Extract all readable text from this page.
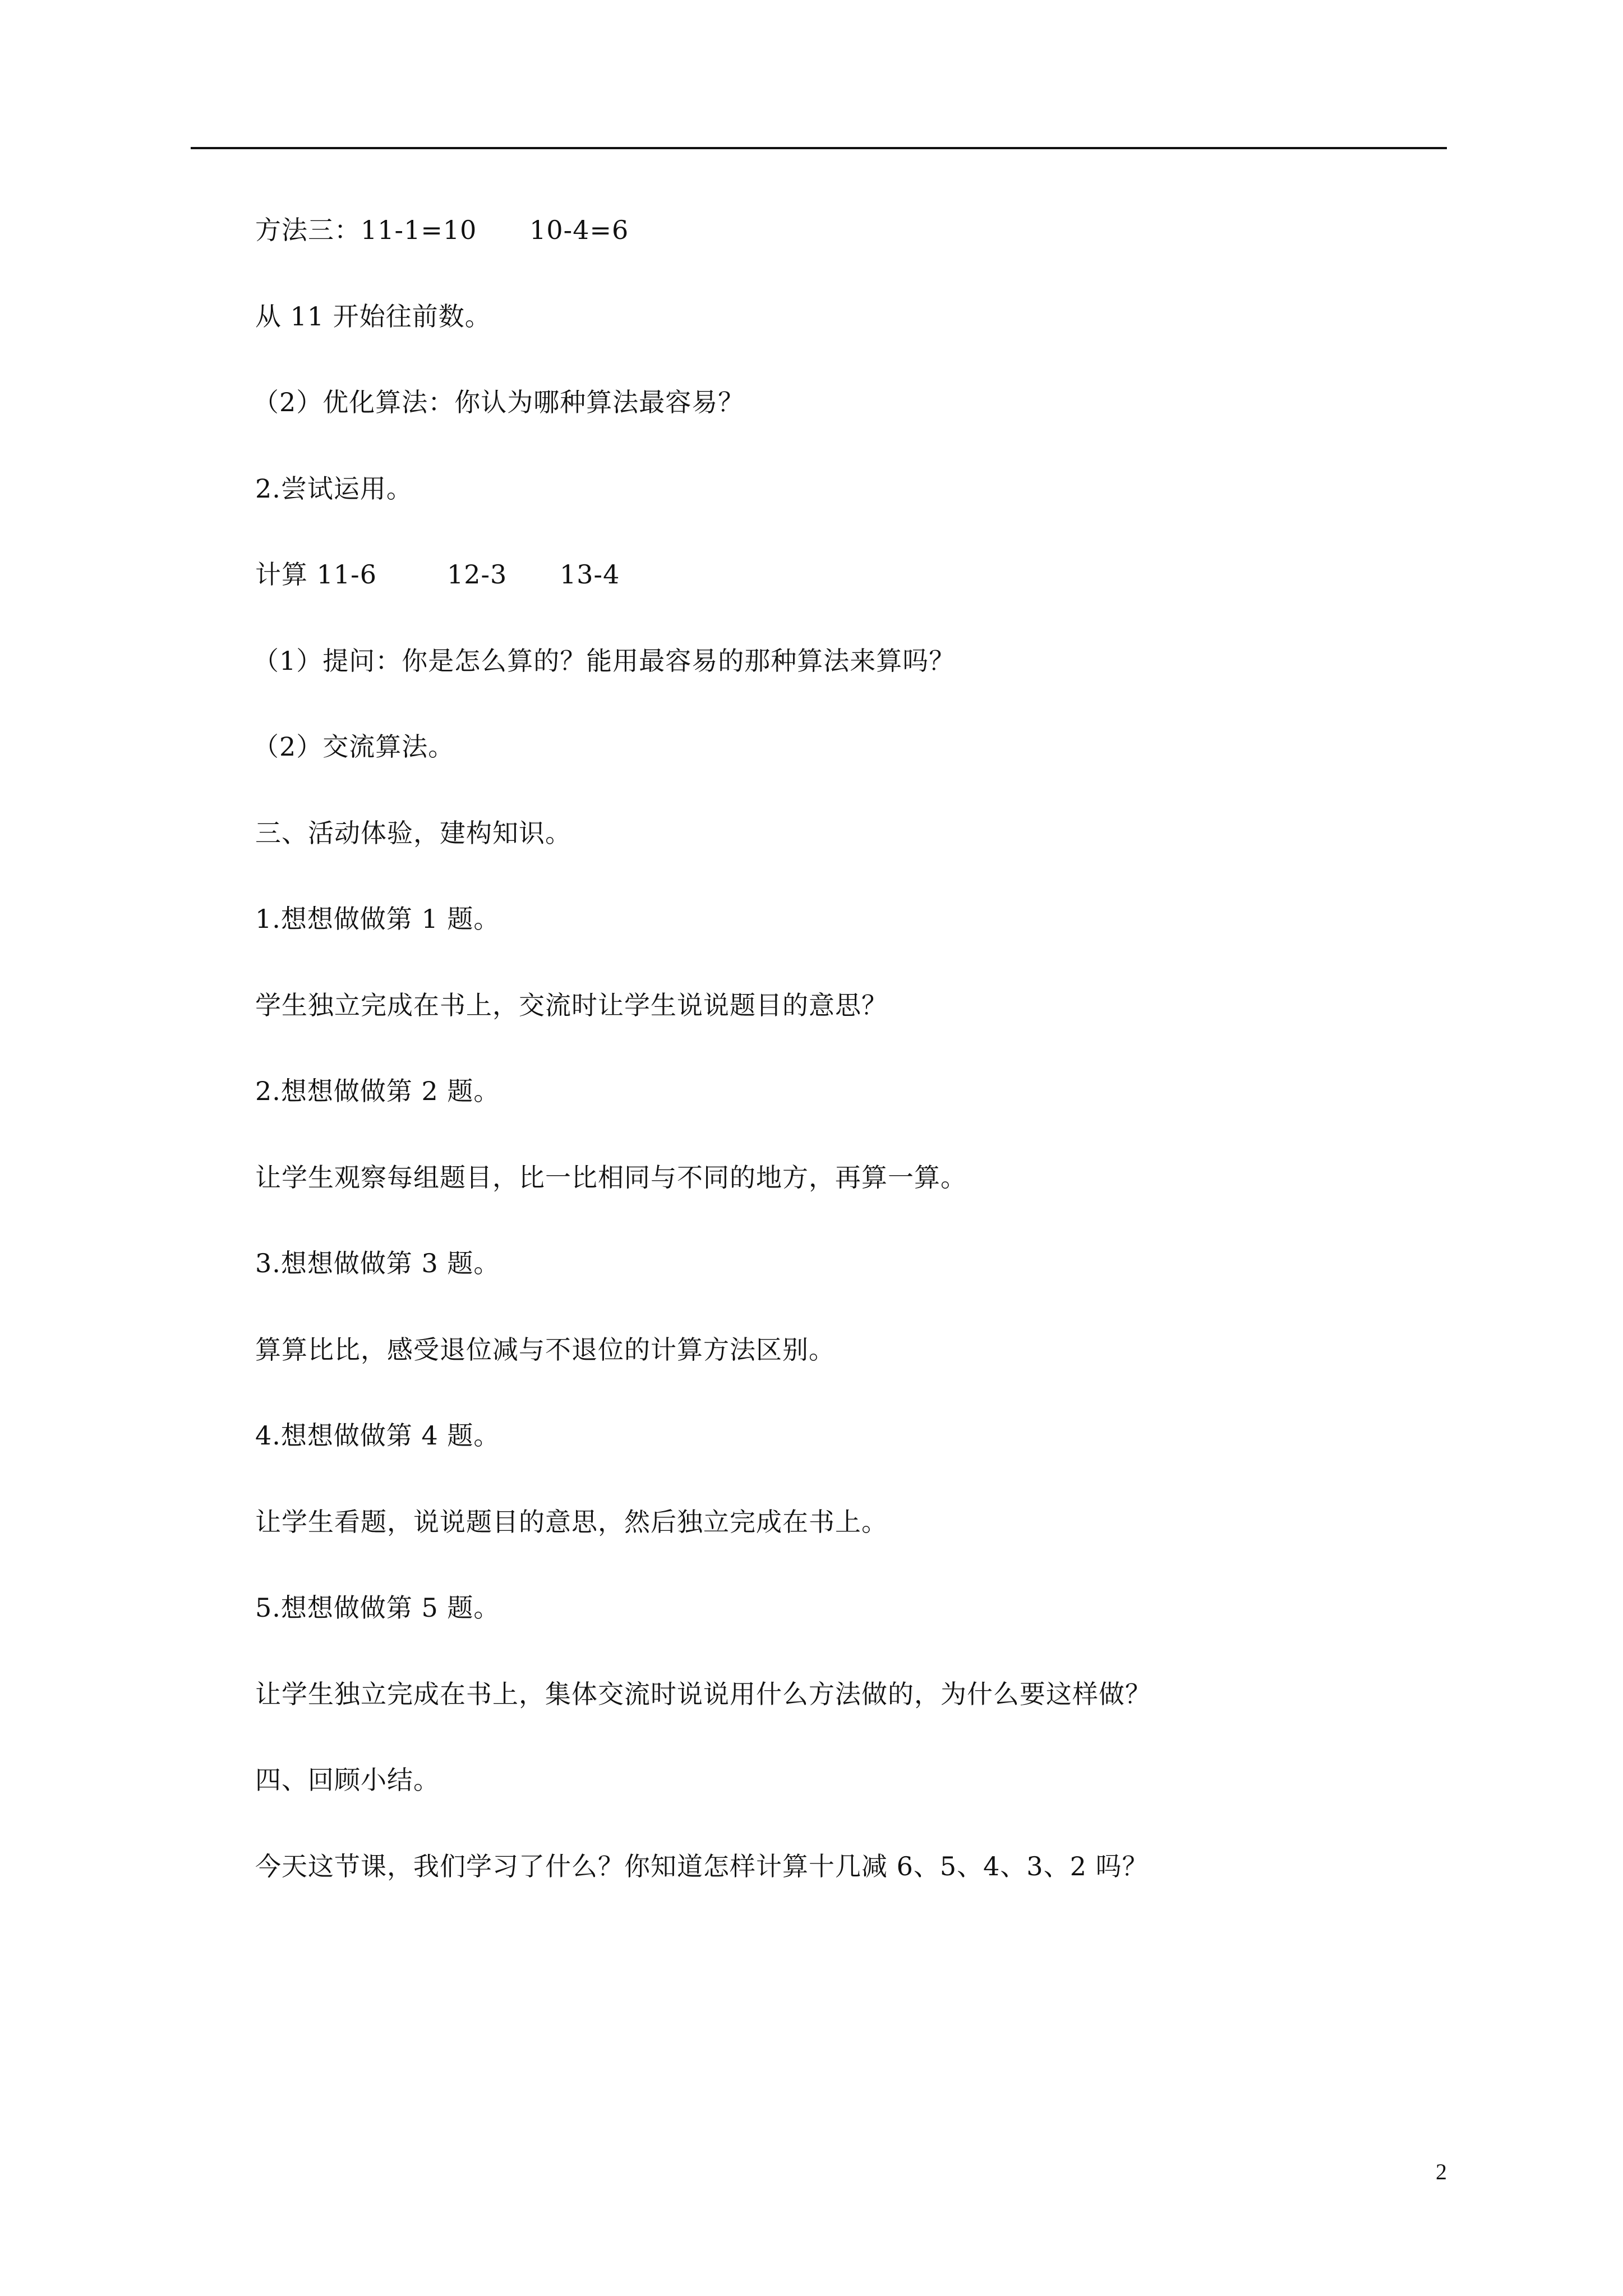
方法三：11-1=10      10-4=6
从 11 开始往前数。
（2）优化算法：你认为哪种算法最容易？
2.尝试运用。
计算 11-6        12-3      13-4
（1）提问：你是怎么算的？能用最容易的那种算法来算吗？
（2）交流算法。
三、活动体验，建构知识。
1.想想做做第 1 题。
学生独立完成在书上，交流时让学生说说题目的意思？
2.想想做做第 2 题。
让学生观察每组题目，比一比相同与不同的地方，再算一算。
3.想想做做第 3 题。
算算比比，感受退位减与不退位的计算方法区别。
4.想想做做第 4 题。
让学生看题，说说题目的意思，然后独立完成在书上。
5.想想做做第 5 题。
让学生独立完成在书上，集体交流时说说用什么方法做的，为什么要这样做？
四、回顾小结。
今天这节课，我们学习了什么？你知道怎样计算十几减 6、5、4、3、2 吗？
2
